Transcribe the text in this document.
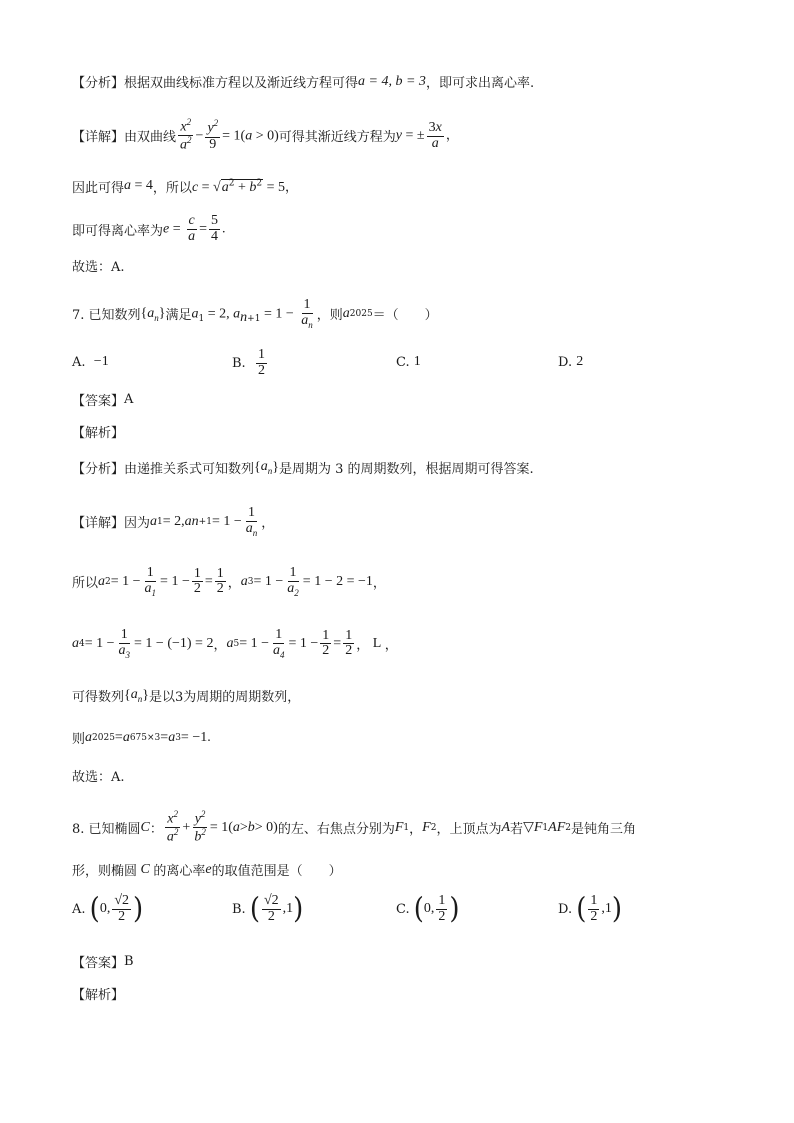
【分析】 根据双曲线标准方程以及渐近线方程可得 a = 4, b = 3 ，即可求出离心率.
【详解】 由双曲线 $\frac{x^2}{a^2} - \frac{y^2}{9} = 1(a > 0)$ 可得其渐近线方程为 y = ± $\frac{3x}{a}$ ，
因此可得 a = 4 ，所以 $c = √a^2 + b^2 = 5$，
即可得离心率为 $e = \frac{c}{a} = \frac{5}{4}$ .
故选：A.
7. 已知数列 { $a_n$ } 满足 $a_1 = 2$, $a_{n+1} = 1 - \frac{1}{a_n}$ ，则 a 2025 ＝（　　）
A.
−1	B.
$\frac{1}{2}$	C.
1	D.
2
【答案】 A
【解析】
【分析】 由递推关系式可知数列 { $a_n$ } 是周期为 3 的周期数列，根据周期可得答案.
【详解】 因为 a 1 = 2, a $n +1 = 1 - \frac{1}{a_n}$ ，
所以 a $2 = 1 - \frac{1}{a_1} = 1 - \frac{1}{2} = \frac{1}{2}$ ， a $3 = 1 - \frac{1}{a_2} = 1 - 2 = -1$ ，
a $4 = 1 - \frac{1}{a_3} = 1 - (-1) = 2$ ， a $5 = 1 - \frac{1}{a_4} = 1 - \frac{1}{2} = \frac{1}{2}$ ， L ，
可得数列 { $a_n$ } 是以3为周期的周期数列，
则 a 2025 = a 675×3 = a 3 = −1.
故选：A.
8. 已知椭圆 C ： $\frac{x^2}{a^2} + \frac{y^2}{b^2} = 1$( a > b > 0) 的左、右焦点分别为 F 1 ， F 2 ，上顶点为 A 若 ▽ F 1 AF 2 是钝角三角
形，则椭圆 C 的离心率 e 的取值范围是（　　）
A.
( 0, $\frac{√2}{2}$ )	B.
( $\frac{√2}{2} ,1$ )	C.
( 0, $\frac{1}{2}$ )	D.
( $\frac{1}{2} ,1$ )
【答案】 B
【解析】
